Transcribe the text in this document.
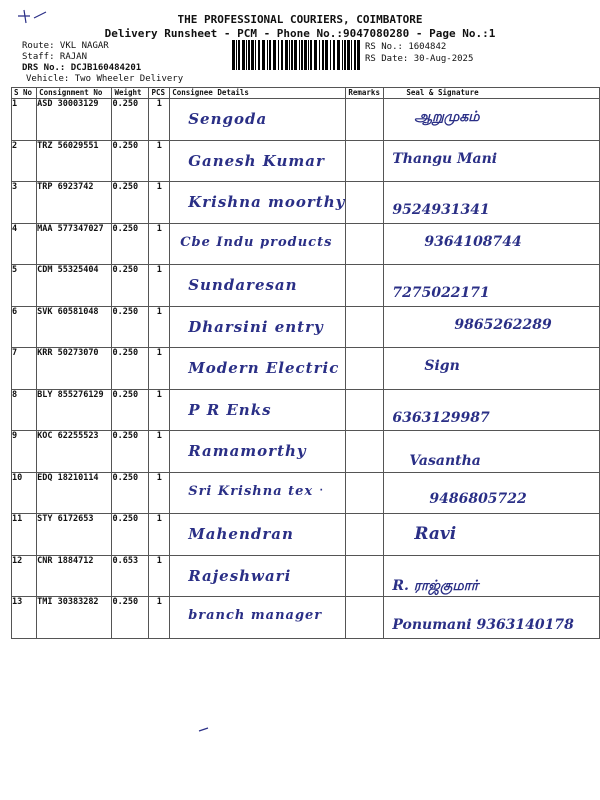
THE PROFESSIONAL COURIERS, COIMBATORE
Delivery Runsheet - PCM - Phone No.:9047080280 - Page No.:1
Route: VKL NAGAR
Staff: RAJAN
DRS No.: DCJB160484201
Vehicle: Two Wheeler Delivery
RS No.: 1604842
RS Date: 30-Aug-2025
S No	Consignment No	Weight	PCS	Consignee Details	Remarks	Seal & Signature
1	ASD 30003129	0.250	1	Sengoda		ஆறுமுகம்

2	TRZ 56029551	0.250	1	Ganesh Kumar		Thangu Mani

3	TRP 6923742	0.250	1	Krishna moorthy		9524931341

4	MAA 577347027	0.250	1	Cbe Indu products		9364108744

5	CDM 55325404	0.250	1	Sundaresan		7275022171

6	SVK 60581048	0.250	1	Dharsini entry		9865262289

7	KRR 50273070	0.250	1	Modern Electric		Sign

8	BLY 855276129	0.250	1	P R Enks		6363129987

9	KOC 62255523	0.250	1	Ramamorthy		Vasantha

10	EDQ 18210114	0.250	1	Sri Krishna tex ·		9486805722

11	STY 6172653	0.250	1	Mahendran		Ravi

12	CNR 1884712	0.653	1	Rajeshwari		R. ராஜ்குமார்

13	TMI 30383282	0.250	1	branch manager		Ponumani 9363140178
